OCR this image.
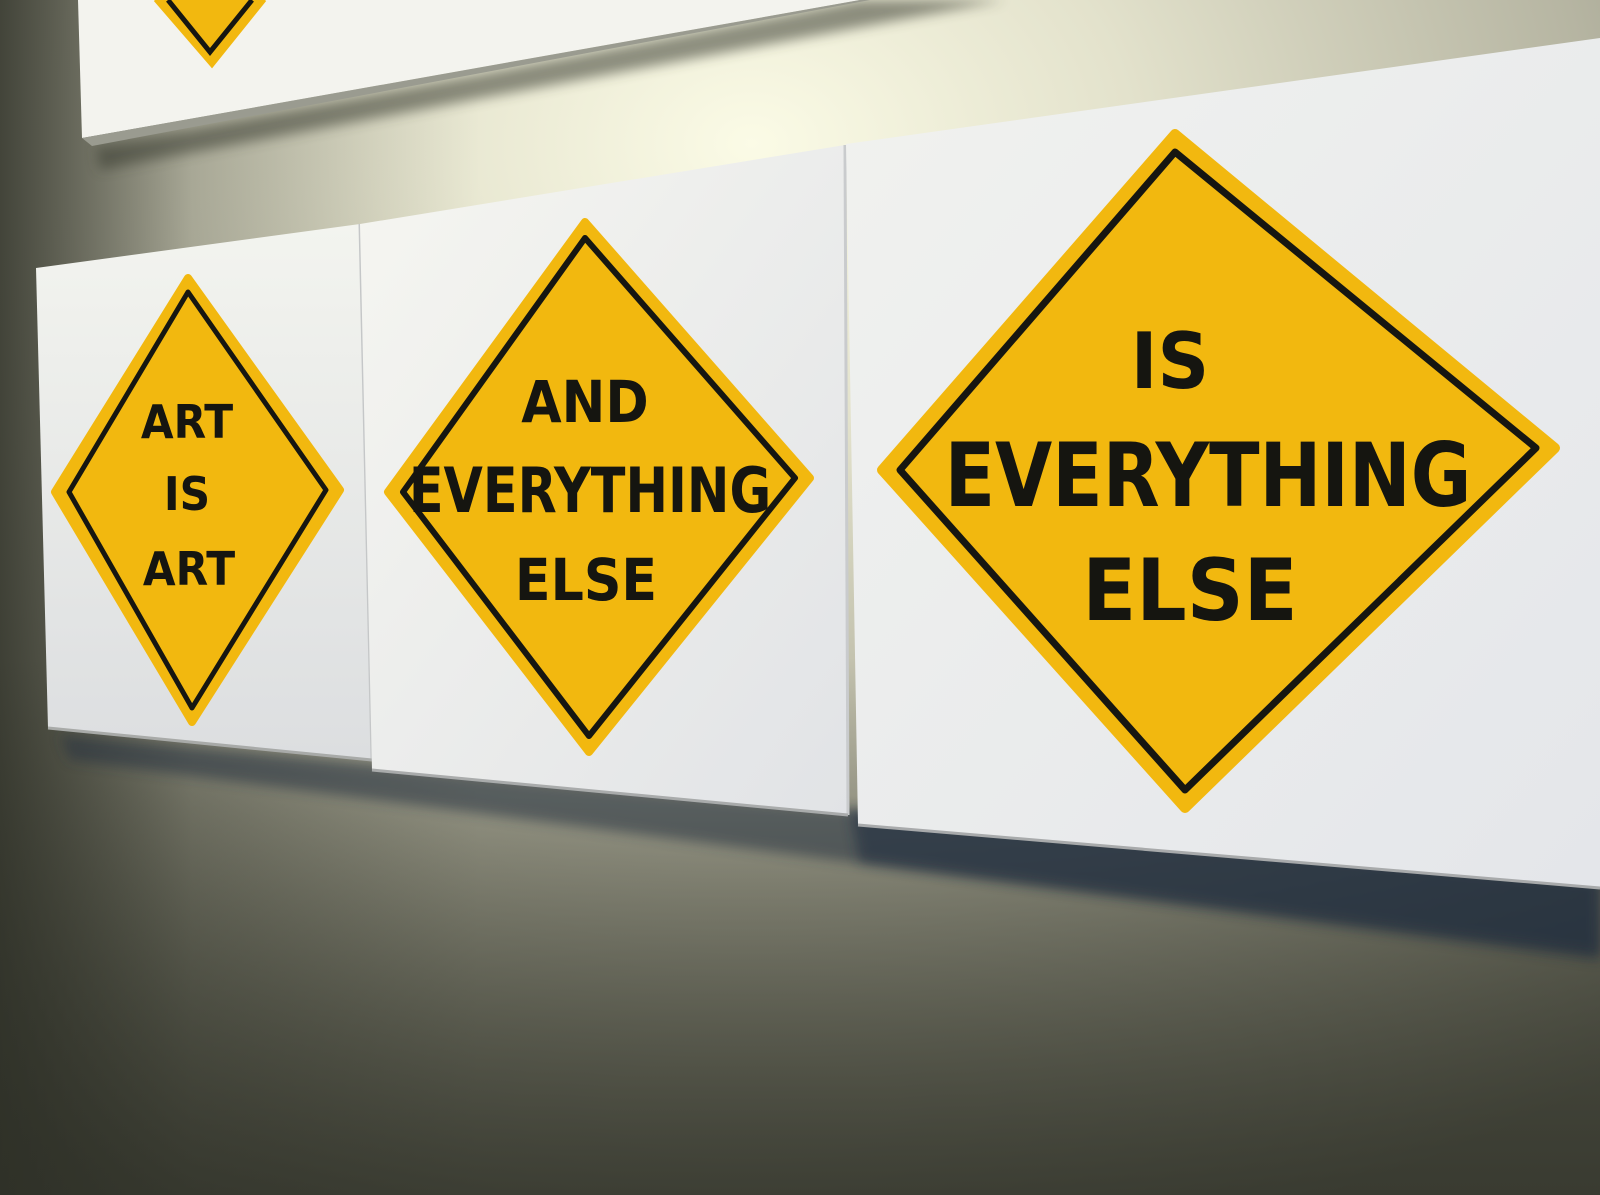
ART
IS
ART
AND
EVERYTHING
ELSE
IS
EVERYTHING
ELSE
